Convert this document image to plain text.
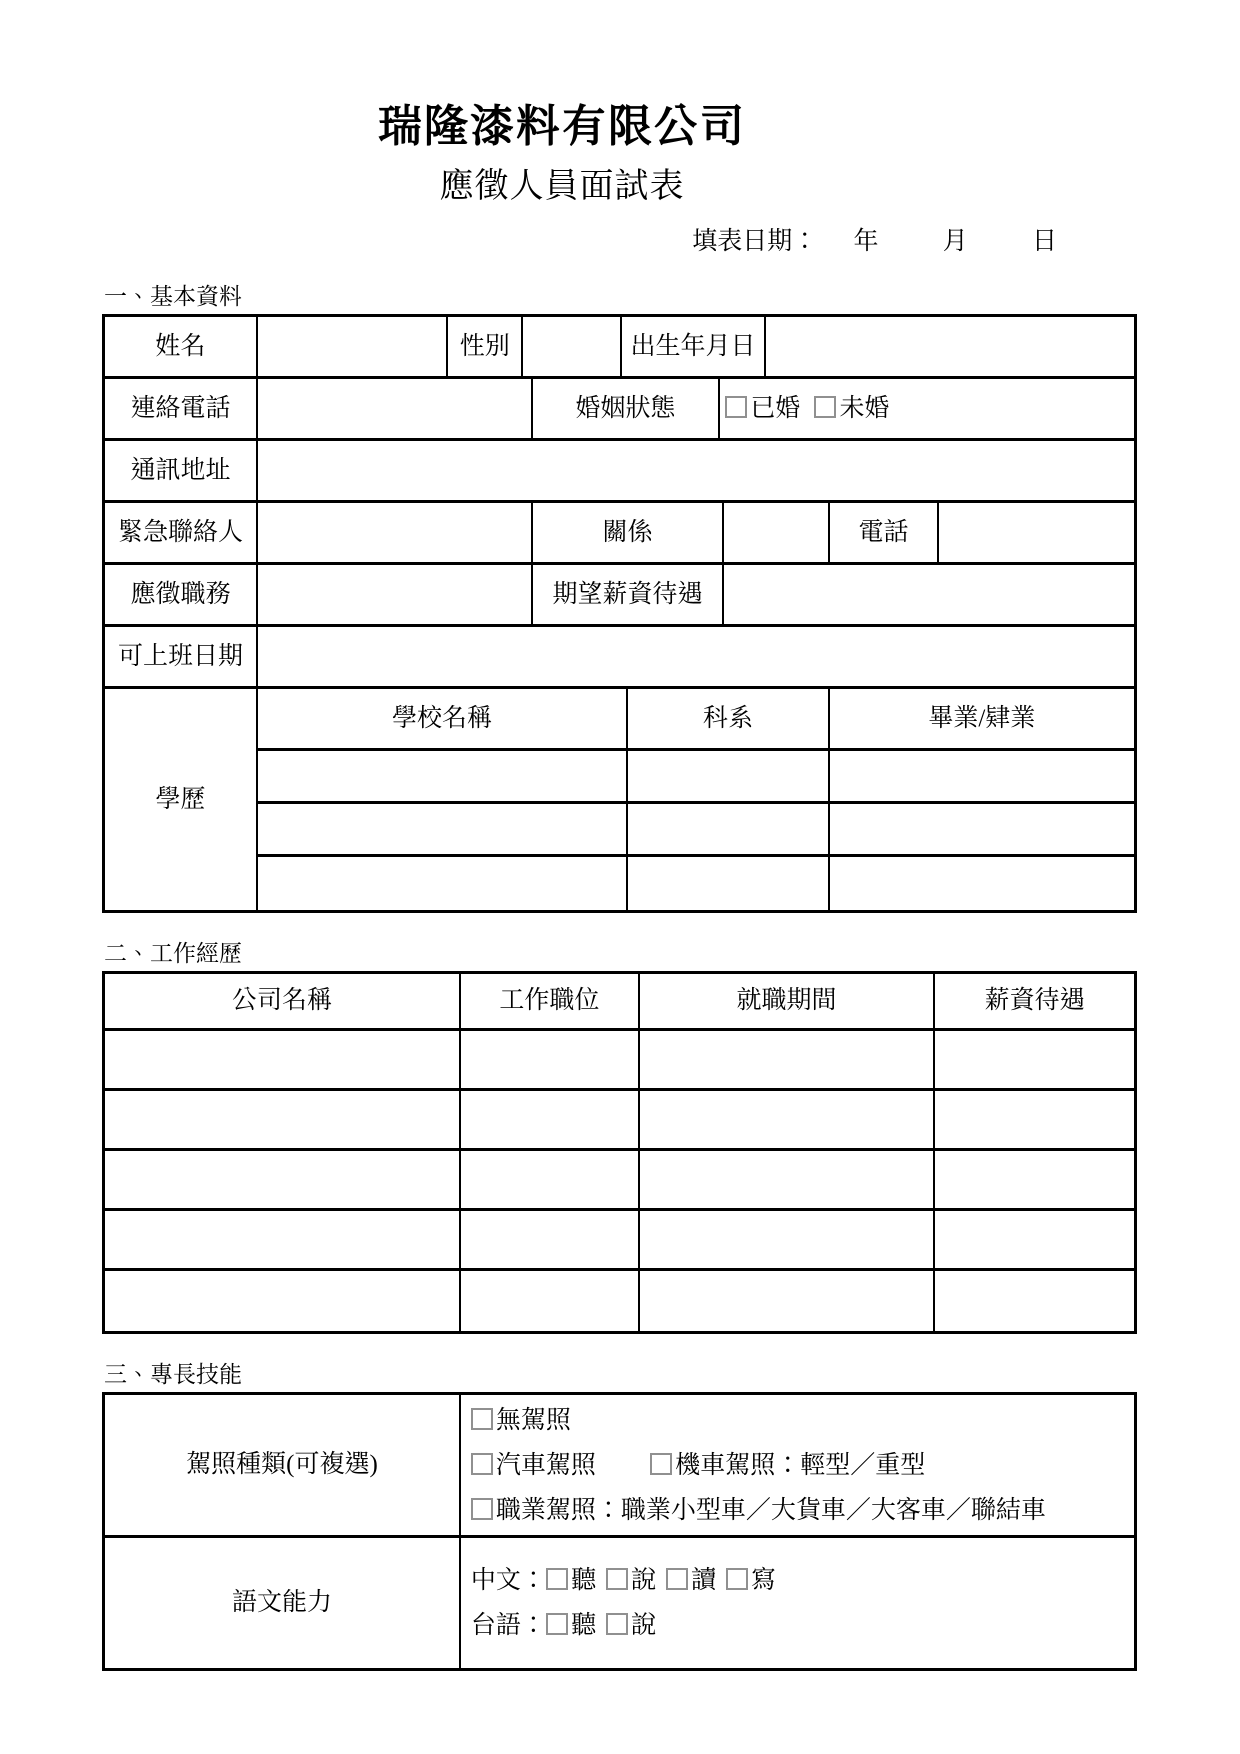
瑞隆漆料有限公司
應徵人員面試表
填表日期： 年	月	日
一、基本資料
姓名	性別	出生年月日
連絡電話	婚姻狀態	已婚	未婚
通訊地址
緊急聯絡人	關係	電話
應徵職務	期望薪資待遇
可上班日期
學歷
學校名稱	科系	畢業/肄業
二、工作經歷
公司名稱	工作職位	就職期間	薪資待遇
三、專長技能
駕照種類(可複選)
無駕照
汽車駕照	機車駕照：輕型／重型
職業駕照：職業小型車／大貨車／大客車／聯結車
語文能力
中文： 聽 說 讀 寫
台語： 聽 說
